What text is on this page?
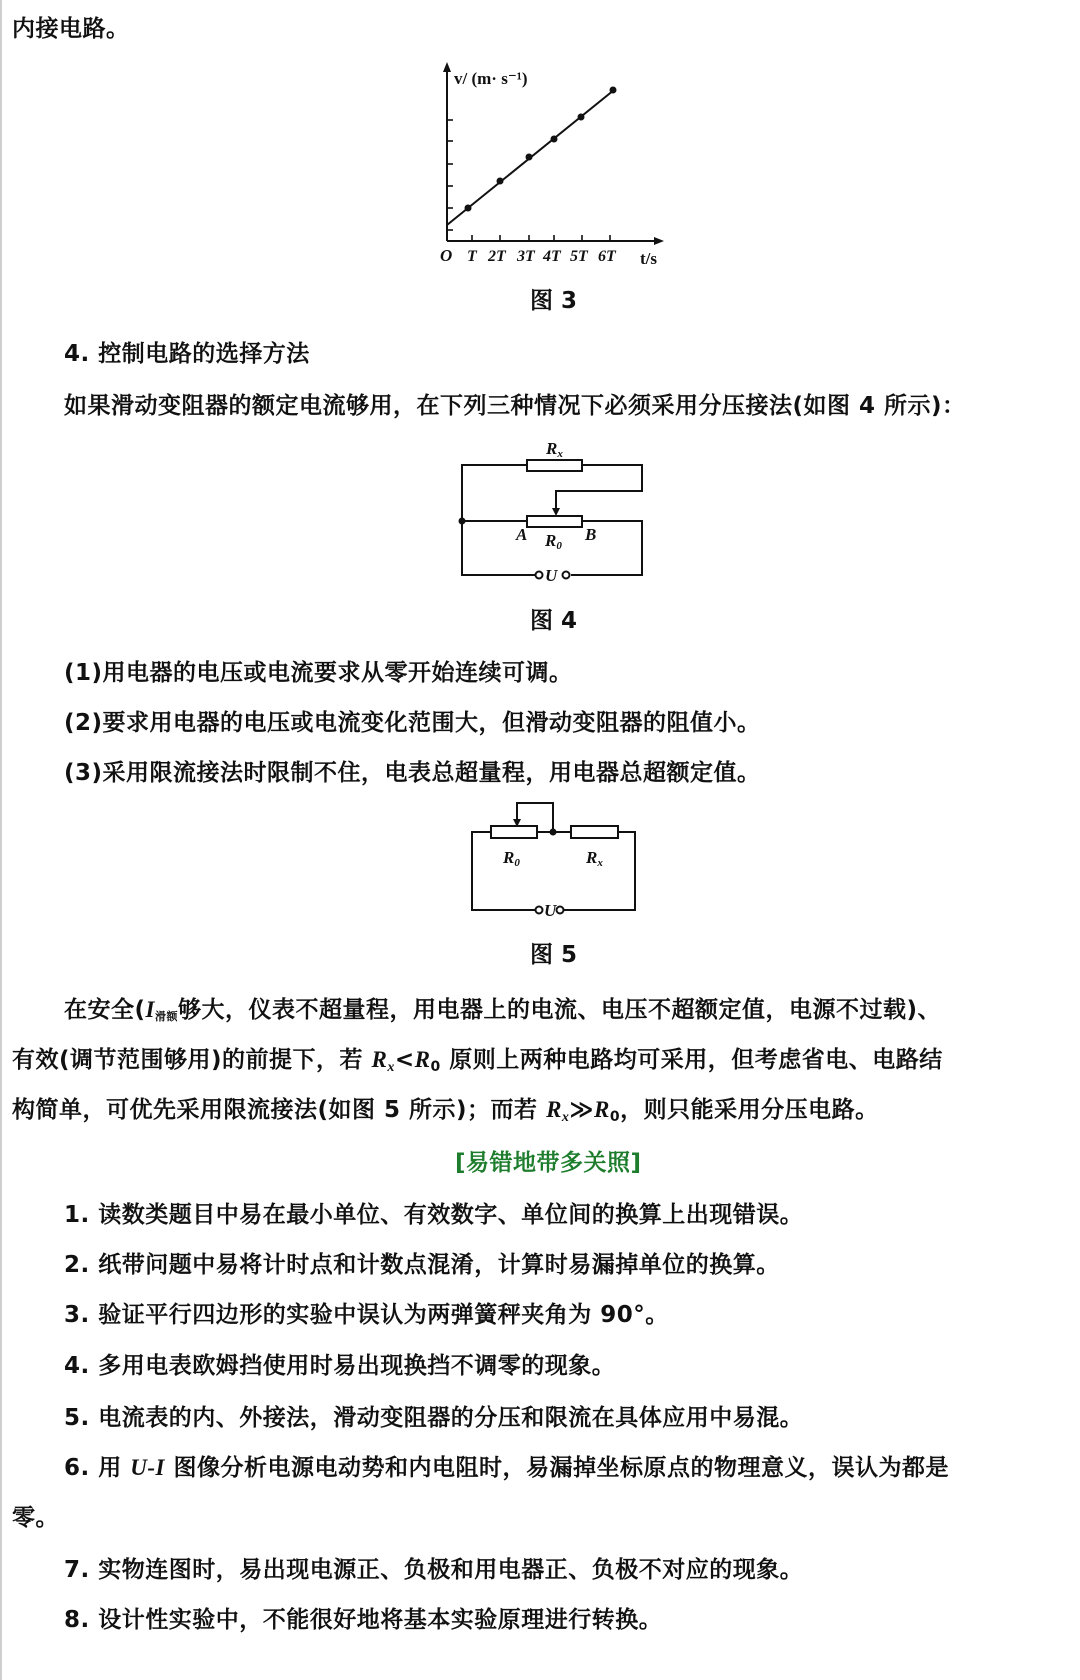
内接电路。
v/ (m· s⁻¹)
O T 2T 3T 4T 5T 6T t/s
图 3
4. 控制电路的选择方法
如果滑动变阻器的额定电流够用，在下列三种情况下必须采用分压接法(如图 4 所示)：
Rx
A R0
B
U
图 4
(1)用电器的电压或电流要求从零开始连续可调。
(2)要求用电器的电压或电流变化范围大，但滑动变阻器的阻值小。
(3)采用限流接法时限制不住，电表总超量程，用电器总超额定值。
R0	Rx
U
图 5
在安全(I滑额够大，仪表不超量程，用电器上的电流、电压不超额定值，电源不过载)、
有效(调节范围够用)的前提下，若 $R_x<R_0$ 原则上两种电路均可采用，但考虑省电、电路结
构简单，可优先采用限流接法(如图 5 所示)；而若 $R_x≫R_0$，则只能采用分压电路。
[易错地带多关照]
1. 读数类题目中易在最小单位、有效数字、单位间的换算上出现错误。
2. 纸带问题中易将计时点和计数点混淆，计算时易漏掉单位的换算。
3. 验证平行四边形的实验中误认为两弹簧秤夹角为 90°。
4. 多用电表欧姆挡使用时易出现换挡不调零的现象。
5. 电流表的内、外接法，滑动变阻器的分压和限流在具体应用中易混。
6. 用 U-I 图像分析电源电动势和内电阻时，易漏掉坐标原点的物理意义，误认为都是
零。
7. 实物连图时，易出现电源正、负极和用电器正、负极不对应的现象。
8. 设计性实验中，不能很好地将基本实验原理进行转换。
